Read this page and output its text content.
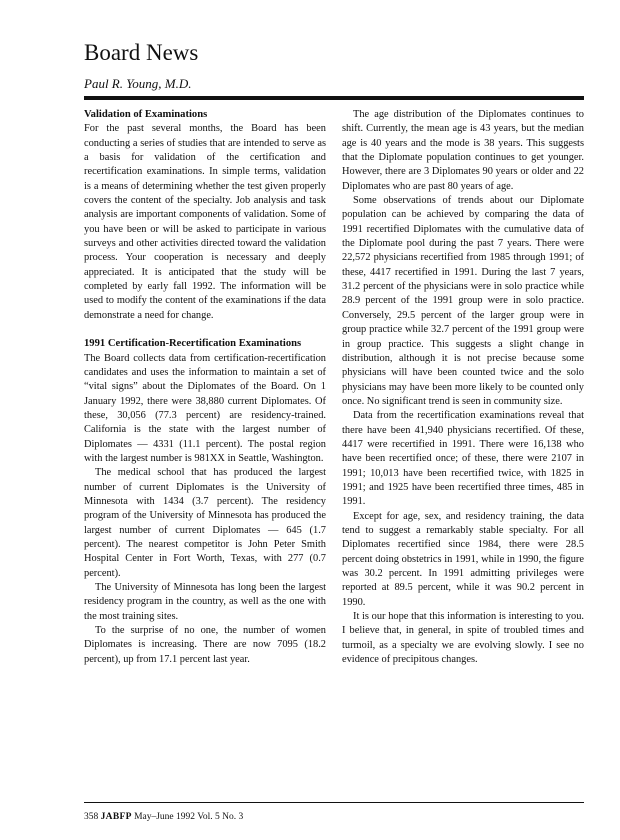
Board News
Paul R. Young, M.D.
Validation of Examinations

For the past several months, the Board has been conducting a series of studies that are intended to serve as a basis for validation of the certification and recertification examinations. In simple terms, validation is a means of determining whether the test given properly covers the content of the specialty. Job analysis and task analysis are important components of validation. Some of you have been or will be asked to participate in various surveys and other activities directed toward the validation process. Your cooperation is necessary and deeply appreciated. It is anticipated that the study will be completed by early fall 1992. The information will be used to modify the content of the examinations if the data demonstrate a need for change.

1991 Certification-Recertification Examinations

The Board collects data from certification-recertification candidates and uses the information to maintain a set of “vital signs” about the Diplomates of the Board. On 1 January 1992, there were 38,880 current Diplomates. Of these, 30,056 (77.3 percent) are residency-trained. California is the state with the largest number of Diplomates — 4331 (11.1 percent). The postal region with the largest number is 981XX in Seattle, Washington.

The medical school that has produced the largest number of current Diplomates is the University of Minnesota with 1434 (3.7 percent). The residency program of the University of Minnesota has produced the largest number of current Diplomates — 645 (1.7 percent). The nearest competitor is John Peter Smith Hospital Center in Fort Worth, Texas, with 277 (0.7 percent).

The University of Minnesota has long been the largest residency program in the country, as well as the one with the most training sites.

To the surprise of no one, the number of women Diplomates is increasing. There are now 7095 (18.2 percent), up from 17.1 percent last year.

The age distribution of the Diplomates continues to shift. Currently, the mean age is 43 years, but the median age is 40 years and the mode is 38 years. This suggests that the Diplomate population continues to get younger. However, there are 3 Diplomates 90 years or older and 22 Diplomates who are past 80 years of age.

Some observations of trends about our Diplomate population can be achieved by comparing the data of 1991 recertified Diplomates with the cumulative data of the Diplomate pool during the past 7 years. There were 22,572 physicians recertified from 1985 through 1991; of these, 4417 recertified in 1991. During the last 7 years, 31.2 percent of the physicians were in solo practice while 28.9 percent of the 1991 group were in solo practice. Conversely, 29.5 percent of the larger group were in group practice while 32.7 percent of the 1991 group were in group practice. This suggests a slight change in distribution, although it is not precise because some physicians will have been counted twice and the solo physicians may have been more likely to be counted only once. No significant trend is seen in community size.

Data from the recertification examinations reveal that there have been 41,940 physicians recertified. Of these, 4417 were recertified in 1991. There were 16,138 who have been recertified once; of these, there were 2107 in 1991; 10,013 have been recertified twice, with 1825 in 1991; and 1925 have been recertified three times, 485 in 1991.

Except for age, sex, and residency training, the data tend to suggest a remarkably stable specialty. For all Diplomates recertified since 1984, there were 28.5 percent doing obstetrics in 1991, while in 1990, the figure was 30.2 percent. In 1991 admitting privileges were reported at 89.5 percent, while it was 90.2 percent in 1990.

It is our hope that this information is interesting to you. I believe that, in general, in spite of troubled times and turmoil, as a specialty we are evolving slowly. I see no evidence of precipitous changes.

358 JABFP May–June 1992 Vol. 5 No. 3
